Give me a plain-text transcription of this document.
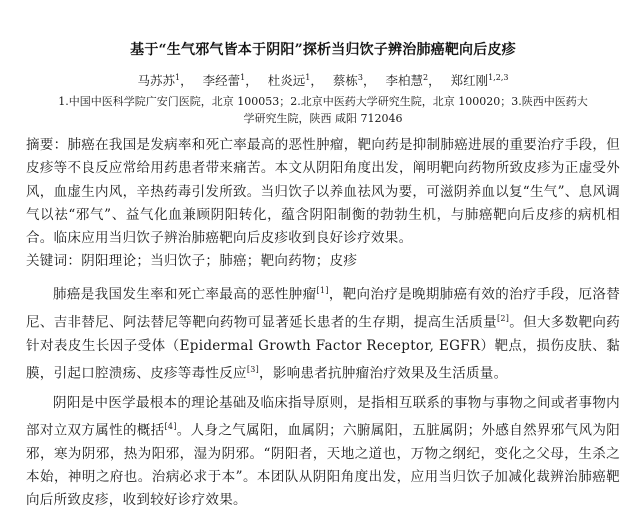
基于“生气邪气皆本于阴阳”探析当归饮子辨治肺癌靶向后皮疹
马苏苏$^1$， 李经蕾$^1$， 杜炎远$^1$， 蔡栋$^3$， 李柏慧$^2$， 郑红刚$^{1,2,3}$
1.中国中医科学院广安门医院，北京 100053；2.北京中医药大学研究生院，北京 100020；3.陕西中医药大学研究生院，陕西 咸阳 712046

摘要：肺癌在我国是发病率和死亡率最高的恶性肿瘤，靶向药是抑制肺癌进展的重要治疗手段，但皮疹等不良反应常给用药患者带来痛苦。本文从阴阳角度出发，阐明靶向药物所致皮疹为正虚受外风，血虚生内风，辛热药毒引发所致。当归饮子以养血祛风为要，可滋阴养血以复“生气”、息风调气以祛“邪气”、益气化血兼顾阴阳转化，蕴含阴阳制衡的勃勃生机，与肺癌靶向后皮疹的病机相合。临床应用当归饮子辨治肺癌靶向后皮疹收到良好诊疗效果。

关键词：阴阳理论；当归饮子；肺癌；靶向药物；皮疹

肺癌是我国发生率和死亡率最高的恶性肿瘤[1]，靶向治疗是晚期肺癌有效的治疗手段，厄洛替尼、吉非替尼、阿法替尼等靶向药物可显著延长患者的生存期，提高生活质量[2]。但大多数靶向药针对表皮生长因子受体（Epidermal Growth Factor Receptor, EGFR）靶点，损伤皮肤、黏膜，引起口腔溃疡、皮疹等毒性反应[3]，影响患者抗肿瘤治疗效果及生活质量。

阴阳是中医学最根本的理论基础及临床指导原则，是指相互联系的事物与事物之间或者事物内部对立双方属性的概括[4]。人身之气属阳，血属阴；六腑属阳，五脏属阴；外感自然界邪气风为阳邪，寒为阴邪，热为阳邪，湿为阴邪。“阴阳者，天地之道也，万物之纲纪，变化之父母，生杀之本始，神明之府也。治病必求于本”。本团队从阴阳角度出发，应用当归饮子加减化裁辨治肺癌靶向后所致皮疹，收到较好诊疗效果。
